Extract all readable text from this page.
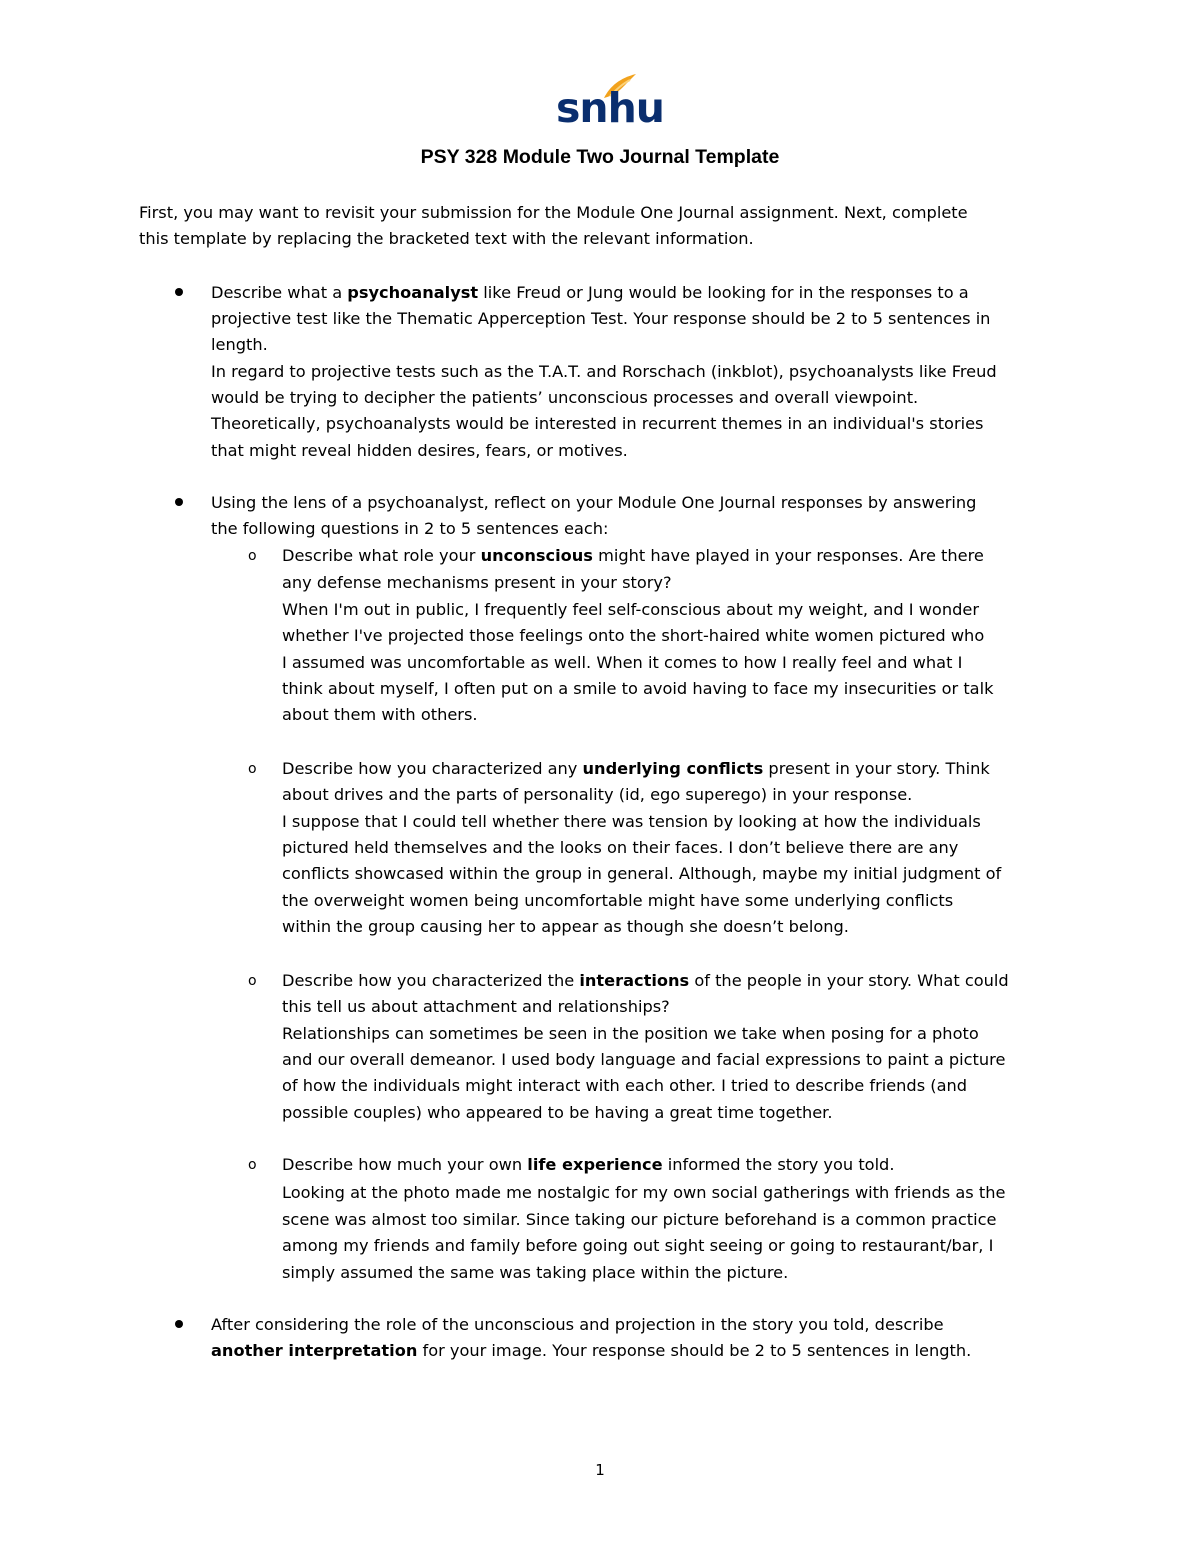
snhu
PSY 328 Module Two Journal Template
First, you may want to revisit your submission for the Module One Journal assignment. Next, complete
this template by replacing the bracketed text with the relevant information.
Describe what a psychoanalyst like Freud or Jung would be looking for in the responses to a
projective test like the Thematic Apperception Test. Your response should be 2 to 5 sentences in
length.
In regard to projective tests such as the T.A.T. and Rorschach (inkblot), psychoanalysts like Freud
would be trying to decipher the patients’ unconscious processes and overall viewpoint.
Theoretically, psychoanalysts would be interested in recurrent themes in an individual's stories
that might reveal hidden desires, fears, or motives.
Using the lens of a psychoanalyst, reflect on your Module One Journal responses by answering
the following questions in 2 to 5 sentences each:
o Describe what role your unconscious might have played in your responses. Are there
any defense mechanisms present in your story?
When I'm out in public, I frequently feel self-conscious about my weight, and I wonder
whether I've projected those feelings onto the short-haired white women pictured who
I assumed was uncomfortable as well. When it comes to how I really feel and what I
think about myself, I often put on a smile to avoid having to face my insecurities or talk
about them with others.
o Describe how you characterized any underlying conflicts present in your story. Think
about drives and the parts of personality (id, ego superego) in your response.
I suppose that I could tell whether there was tension by looking at how the individuals
pictured held themselves and the looks on their faces. I don’t believe there are any
conflicts showcased within the group in general. Although, maybe my initial judgment of
the overweight women being uncomfortable might have some underlying conflicts
within the group causing her to appear as though she doesn’t belong.
o Describe how you characterized the interactions of the people in your story. What could
this tell us about attachment and relationships?
Relationships can sometimes be seen in the position we take when posing for a photo
and our overall demeanor. I used body language and facial expressions to paint a picture
of how the individuals might interact with each other. I tried to describe friends (and
possible couples) who appeared to be having a great time together.
o Describe how much your own life experience informed the story you told.
Looking at the photo made me nostalgic for my own social gatherings with friends as the
scene was almost too similar. Since taking our picture beforehand is a common practice
among my friends and family before going out sight seeing or going to restaurant/bar, I
simply assumed the same was taking place within the picture.
After considering the role of the unconscious and projection in the story you told, describe
another interpretation for your image. Your response should be 2 to 5 sentences in length.
1
